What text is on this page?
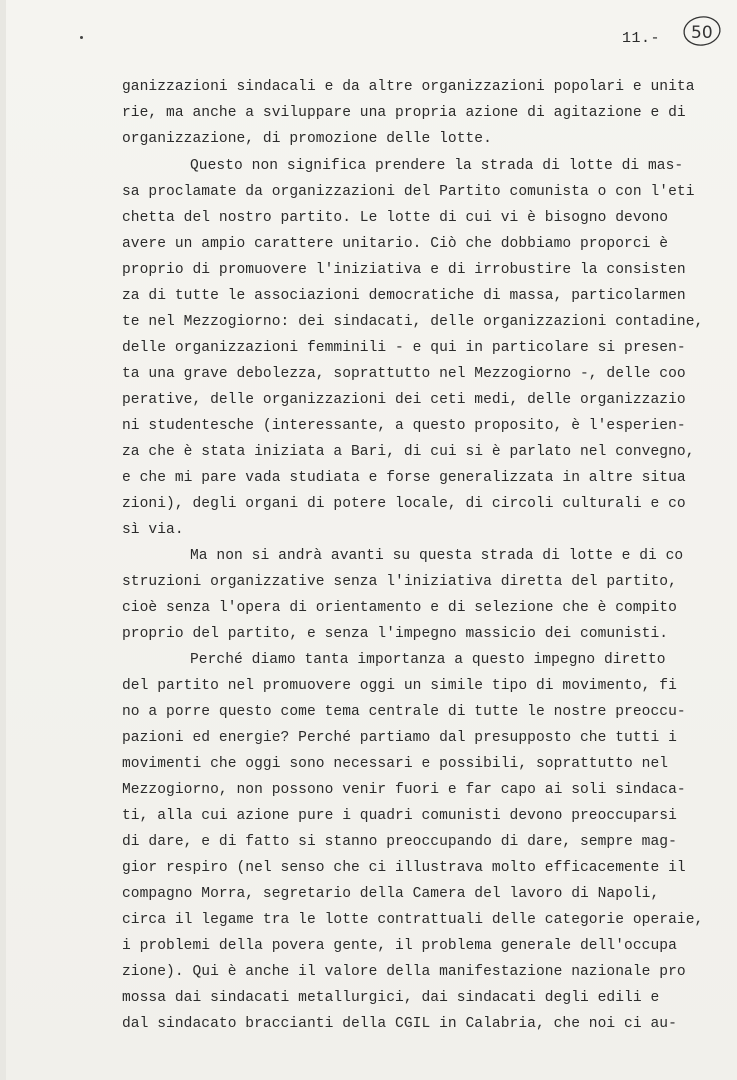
11.- 50
ganizzazioni sindacali e da altre organizzazioni popolari e unita
rie, ma anche a sviluppare una propria azione di agitazione e di
organizzazione, di promozione delle lotte.
Questo non significa prendere la strada di lotte di mas-
sa proclamate da organizzazioni del Partito comunista o con l'eti
chetta del nostro partito. Le lotte di cui vi è bisogno devono
avere un ampio carattere unitario. Ciò che dobbiamo proporci è
proprio di promuovere l'iniziativa e di irrobustire la consisten
za di tutte le associazioni democratiche di massa, particolarmen
te nel Mezzogiorno: dei sindacati, delle organizzazioni contadine,
delle organizzazioni femminili - e qui in particolare si presen-
ta una grave debolezza, soprattutto nel Mezzogiorno -, delle coo
perative, delle organizzazioni dei ceti medi, delle organizzazio
ni studentesche (interessante, a questo proposito, è l'esperien-
za che è stata iniziata a Bari, di cui si è parlato nel convegno,
e che mi pare vada studiata e forse generalizzata in altre situa
zioni), degli organi di potere locale, di circoli culturali e co
sì via.
Ma non si andrà avanti su questa strada di lotte e di co
struzioni organizzative senza l'iniziativa diretta del partito,
cioè senza l'opera di orientamento e di selezione che è compito
proprio del partito, e senza l'impegno massicio dei comunisti.
Perché diamo tanta importanza a questo impegno diretto
del partito nel promuovere oggi un simile tipo di movimento, fi
no a porre questo come tema centrale di tutte le nostre preoccu-
pazioni ed energie? Perché partiamo dal presupposto che tutti i
movimenti che oggi sono necessari e possibili, soprattutto nel
Mezzogiorno, non possono venir fuori e far capo ai soli sindaca-
ti, alla cui azione pure i quadri comunisti devono preoccuparsi
di dare, e di fatto si stanno preoccupando di dare, sempre mag-
gior respiro (nel senso che ci illustrava molto efficacemente il
compagno Morra, segretario della Camera del lavoro di Napoli,
circa il legame tra le lotte contrattuali delle categorie operaie,
i problemi della povera gente, il problema generale dell'occupa
zione). Qui è anche il valore della manifestazione nazionale pro
mossa dai sindacati metallurgici, dai sindacati degli edili e
dal sindacato braccianti della CGIL in Calabria, che noi ci au-
